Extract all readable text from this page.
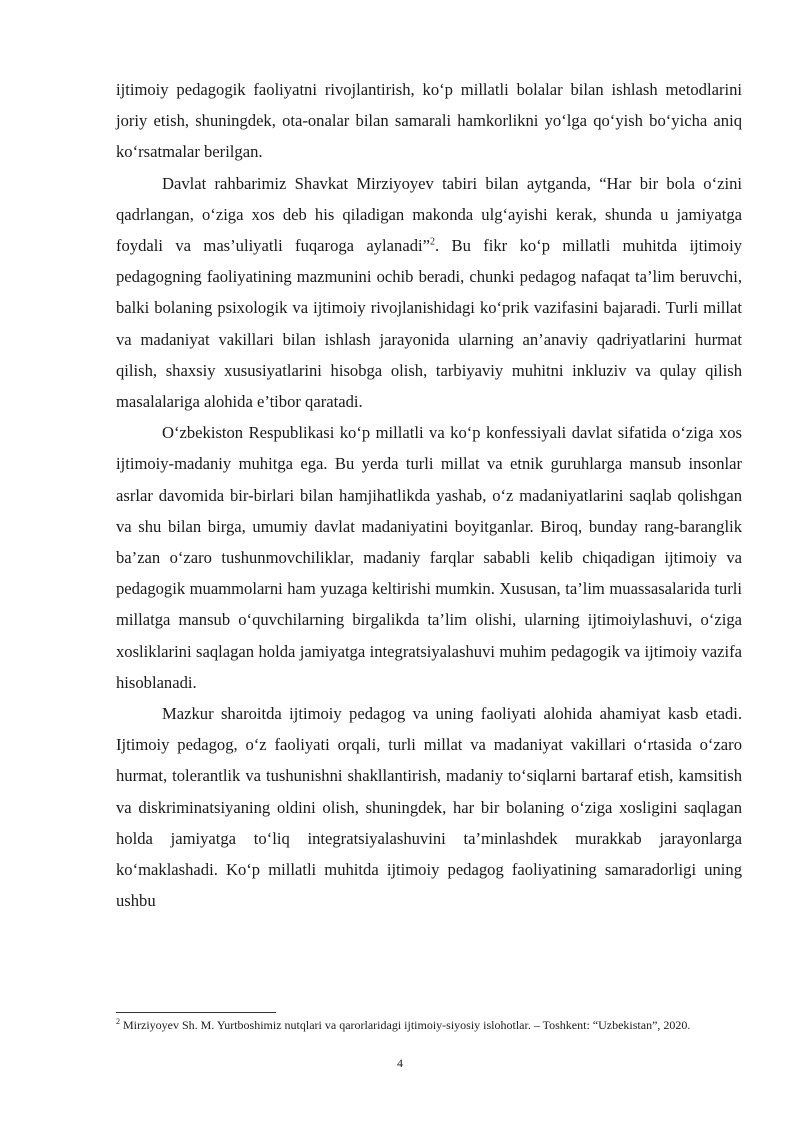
ijtimoiy pedagogik faoliyatni rivojlantirish, ko‘p millatli bolalar bilan ishlash metodlarini joriy etish, shuningdek, ota-onalar bilan samarali hamkorlikni yo‘lga qo‘yish bo‘yicha aniq ko‘rsatmalar berilgan.

Davlat rahbarimiz Shavkat Mirziyoyev tabiri bilan aytganda, “Har bir bola o‘zini qadrlangan, o‘ziga xos deb his qiladigan makonda ulg‘ayishi kerak, shunda u jamiyatga foydali va mas’uliyatli fuqaroga aylanadi”$^2$. Bu fikr ko‘p millatli muhitda ijtimoiy pedagogning faoliyatining mazmunini ochib beradi, chunki pedagog nafaqat ta’lim beruvchi, balki bolaning psixologik va ijtimoiy rivojlanishidagi ko‘prik vazifasini bajaradi. Turli millat va madaniyat vakillari bilan ishlash jarayonida ularning an’anaviy qadriyatlarini hurmat qilish, shaxsiy xususiyatlarini hisobga olish, tarbiyaviy muhitni inkluziv va qulay qilish masalalariga alohida e’tibor qaratadi.

O‘zbekiston Respublikasi ko‘p millatli va ko‘p konfessiyali davlat sifatida o‘ziga xos ijtimoiy-madaniy muhitga ega. Bu yerda turli millat va etnik guruhlarga mansub insonlar asrlar davomida bir-birlari bilan hamjihatlikda yashab, o‘z madaniyatlarini saqlab qolishgan va shu bilan birga, umumiy davlat madaniyatini boyitganlar. Biroq, bunday rang-baranglik ba’zan o‘zaro tushunmovchiliklar, madaniy farqlar sababli kelib chiqadigan ijtimoiy va pedagogik muammolarni ham yuzaga keltirishi mumkin. Xususan, ta’lim muassasalarida turli millatga mansub o‘quvchilarning birgalikda ta’lim olishi, ularning ijtimoiylashuvi, o‘ziga xosliklarini saqlagan holda jamiyatga integratsiyalashuvi muhim pedagogik va ijtimoiy vazifa hisoblanadi.

Mazkur sharoitda ijtimoiy pedagog va uning faoliyati alohida ahamiyat kasb etadi. Ijtimoiy pedagog, o‘z faoliyati orqali, turli millat va madaniyat vakillari o‘rtasida o‘zaro hurmat, tolerantlik va tushunishni shakllantirish, madaniy to‘siqlarni bartaraf etish, kamsitish va diskriminatsiyaning oldini olish, shuningdek, har bir bolaning o‘ziga xosligini saqlagan holda jamiyatga to‘liq integratsiyalashuvini ta’minlashdek murakkab jarayonlarga ko‘maklashadi. Ko‘p millatli muhitda ijtimoiy pedagog faoliyatining samaradorligi uning ushbu

$^2$ Mirziyoyev Sh. M. Yurtboshimiz nutqlari va qarorlaridagi ijtimoiy-siyosiy islohotlar. – Toshkent: “Uzbekistan”, 2020.

4
